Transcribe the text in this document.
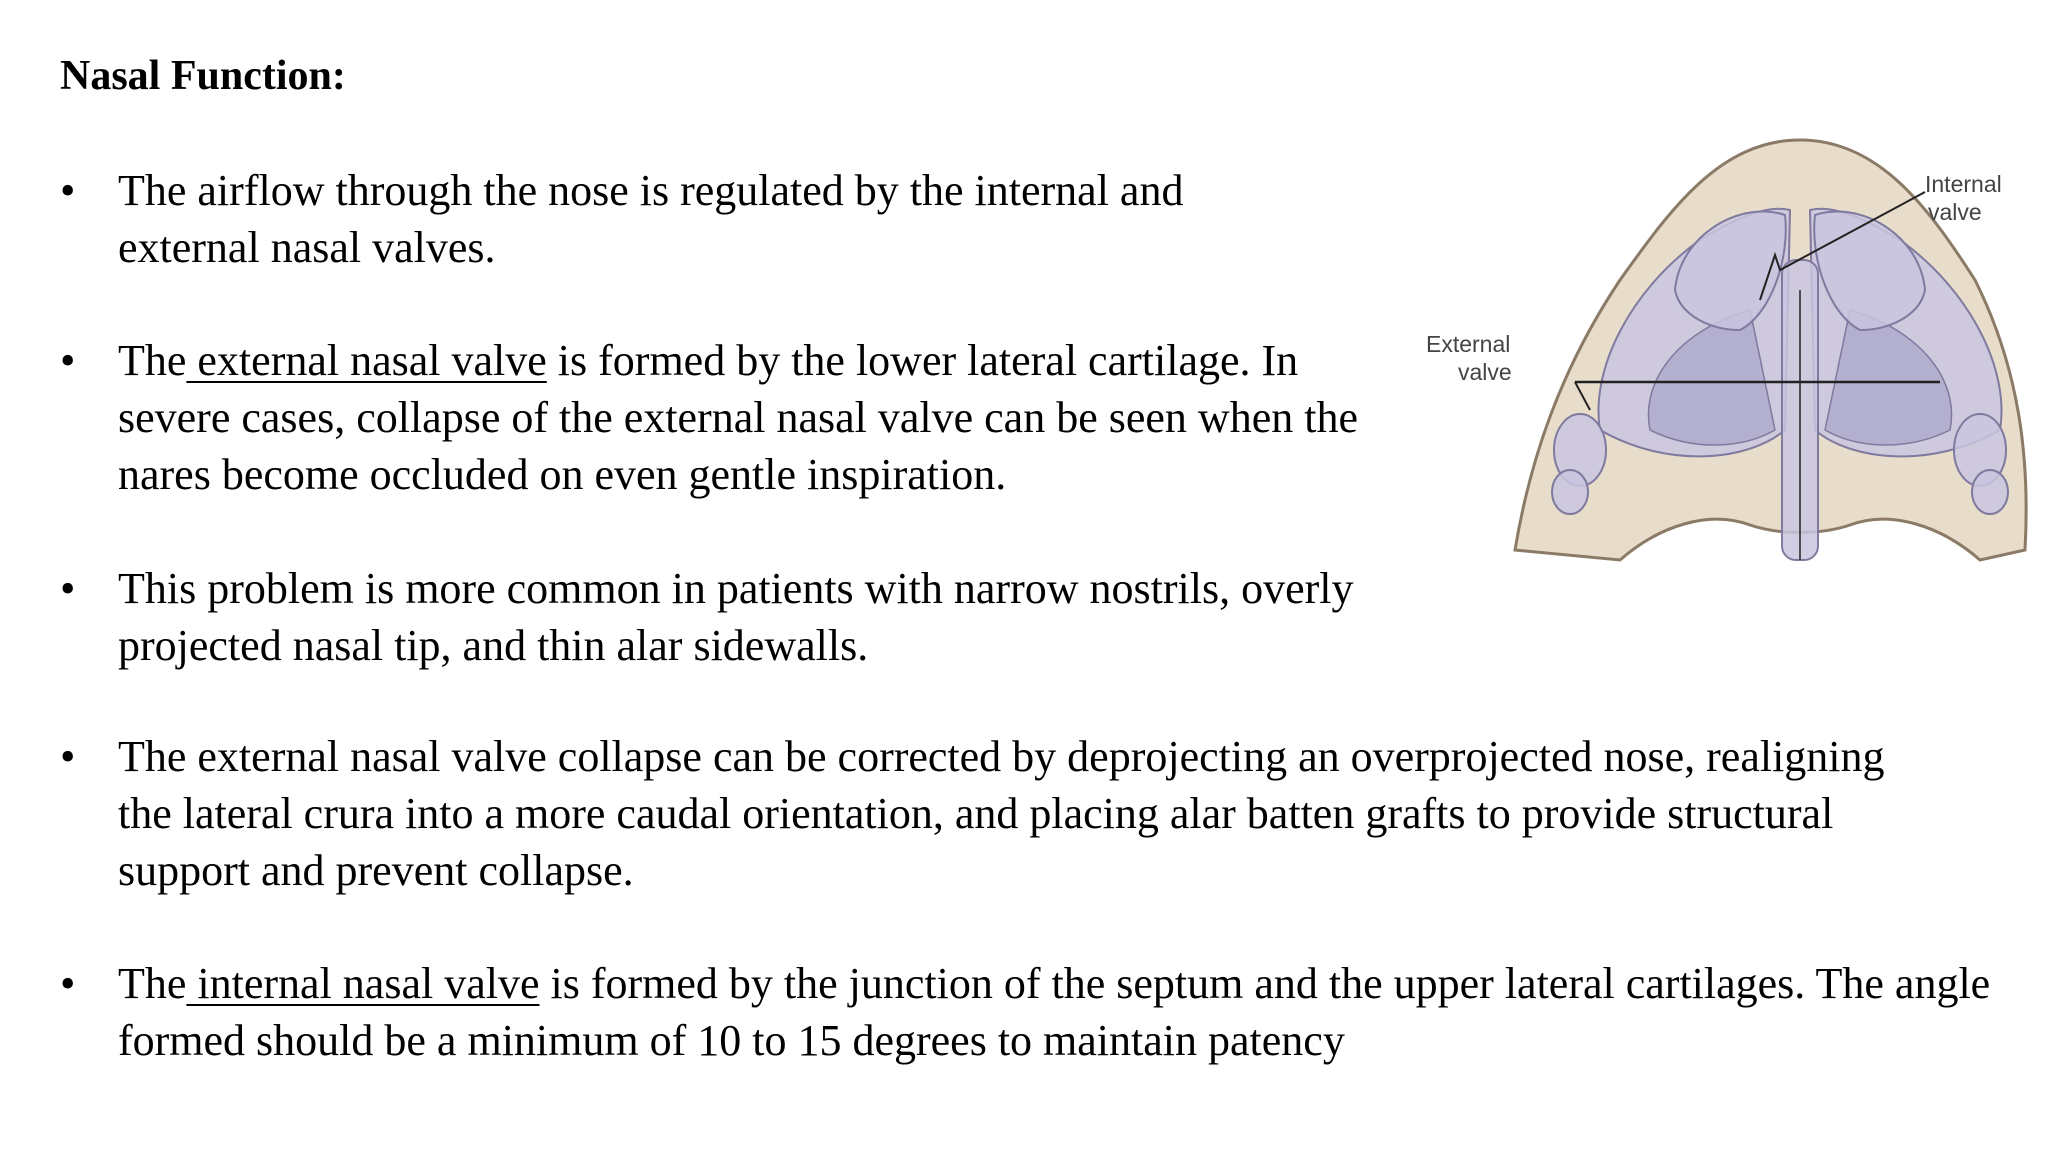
Nasal Function:
• The airflow through the nose is regulated by the internal and
external nasal valves.
• The external nasal valve is formed by the lower lateral cartilage. In severe cases, collapse of the external nasal valve can be seen when the nares become occluded on even gentle inspiration.
• This problem is more common in patients with narrow nostrils, overly projected nasal tip, and thin alar sidewalls.
• The external nasal valve collapse can be corrected by deprojecting an overprojected nose, realigning the lateral crura into a more caudal orientation, and placing alar batten grafts to provide structural support and prevent collapse.
• The internal nasal valve is formed by the junction of the septum and the upper lateral cartilages. The angle formed should be a minimum of 10 to 15 degrees to maintain patency
Internal
valve
External
valve
